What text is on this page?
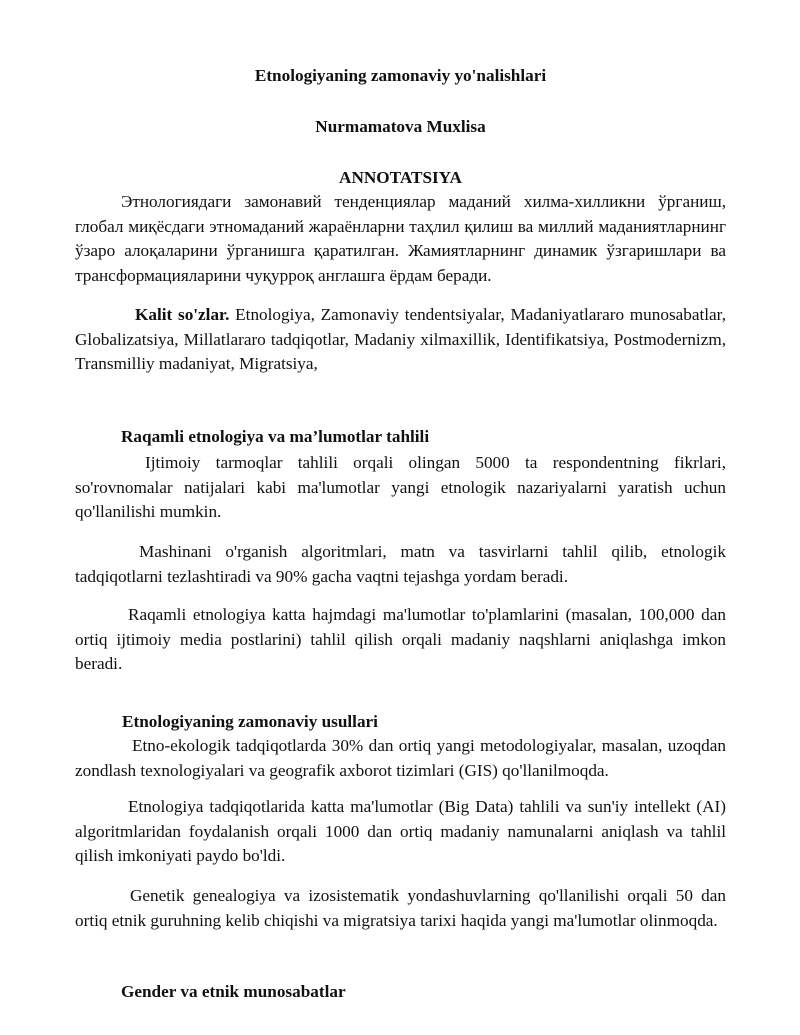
Etnologiyaning zamonaviy yo'nalishlari

Nurmamatova Muxlisa

ANNOTATSIYA

Этнологиядаги замонавий тенденциялар маданий хилма-хилликни ўрганиш, глобал миқёсдаги этномаданий жараёнларни таҳлил қилиш ва миллий маданиятларнинг ўзаро алоқаларини ўрганишга қаратилган. Жамиятларнинг динамик ўзгаришлари ва трансформацияларини чуқурроқ англашга ёрдам беради.

Kalit so'zlar. Etnologiya, Zamonaviy tendentsiyalar, Madaniyatlararo munosabatlar, Globalizatsiya, Millatlararo tadqiqotlar, Madaniy xilmaxillik, Identifikatsiya, Postmodernizm, Transmilliy madaniyat, Migratsiya,

Raqamli etnologiya va ma’lumotlar tahlili

Ijtimoiy tarmoqlar tahlili orqali olingan 5000 ta respondentning fikrlari, so'rovnomalar natijalari kabi ma'lumotlar yangi etnologik nazariyalarni yaratish uchun qo'llanilishi mumkin.

Mashinani o'rganish algoritmlari, matn va tasvirlarni tahlil qilib, etnologik tadqiqotlarni tezlashtiradi va 90% gacha vaqtni tejashga yordam beradi.

Raqamli etnologiya katta hajmdagi ma'lumotlar to'plamlarini (masalan, 100,000 dan ortiq ijtimoiy media postlarini) tahlil qilish orqali madaniy naqshlarni aniqlashga imkon beradi.

Etnologiyaning zamonaviy usullari

Etno-ekologik tadqiqotlarda 30% dan ortiq yangi metodologiyalar, masalan, uzoqdan zondlash texnologiyalari va geografik axborot tizimlari (GIS) qo'llanilmoqda.

Etnologiya tadqiqotlarida katta ma'lumotlar (Big Data) tahlili va sun'iy intellekt (AI) algoritmlaridan foydalanish orqali 1000 dan ortiq madaniy namunalarni aniqlash va tahlil qilish imkoniyati paydo bo'ldi.

Genetik genealogiya va izosistematik yondashuvlarning qo'llanilishi orqali 50 dan ortiq etnik guruhning kelib chiqishi va migratsiya tarixi haqida yangi ma'lumotlar olinmoqda.

Gender va etnik munosabatlar
